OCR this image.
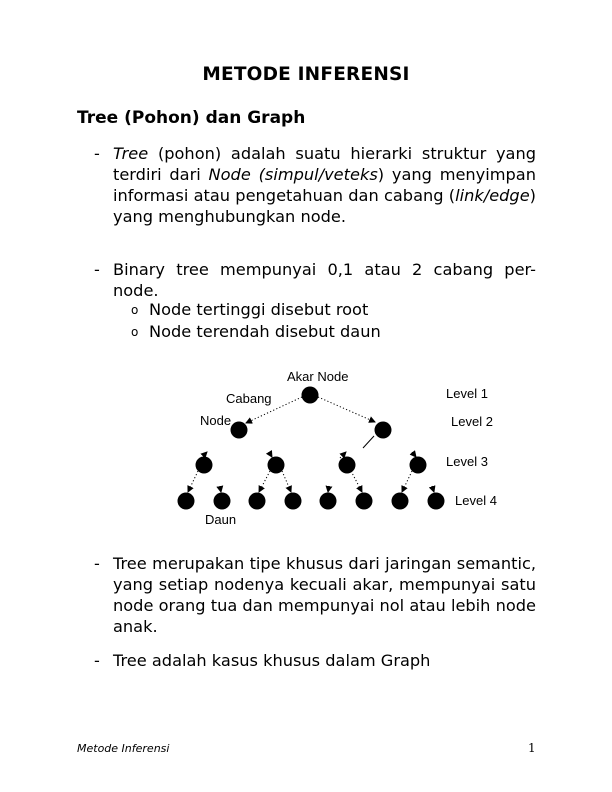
METODE INFERENSI
Tree (Pohon) dan Graph
- Tree (pohon) adalah suatu hierarki struktur yang terdiri dari Node (simpul/veteks) yang menyimpan informasi atau pengetahuan dan cabang (link/edge) yang menghubungkan node.
- Binary tree mempunyai 0,1 atau 2 cabang per-node.
o Node tertinggi disebut root
o Node terendah disebut daun
Akar Node
Cabang
Node
Daun
Level 1
Level 2
Level 3
Level 4
- Tree merupakan tipe khusus dari jaringan semantic, yang setiap nodenya kecuali akar, mempunyai satu node orang tua dan mempunyai nol atau lebih node anak.
- Tree adalah kasus khusus dalam Graph
Metode Inferensi	1
